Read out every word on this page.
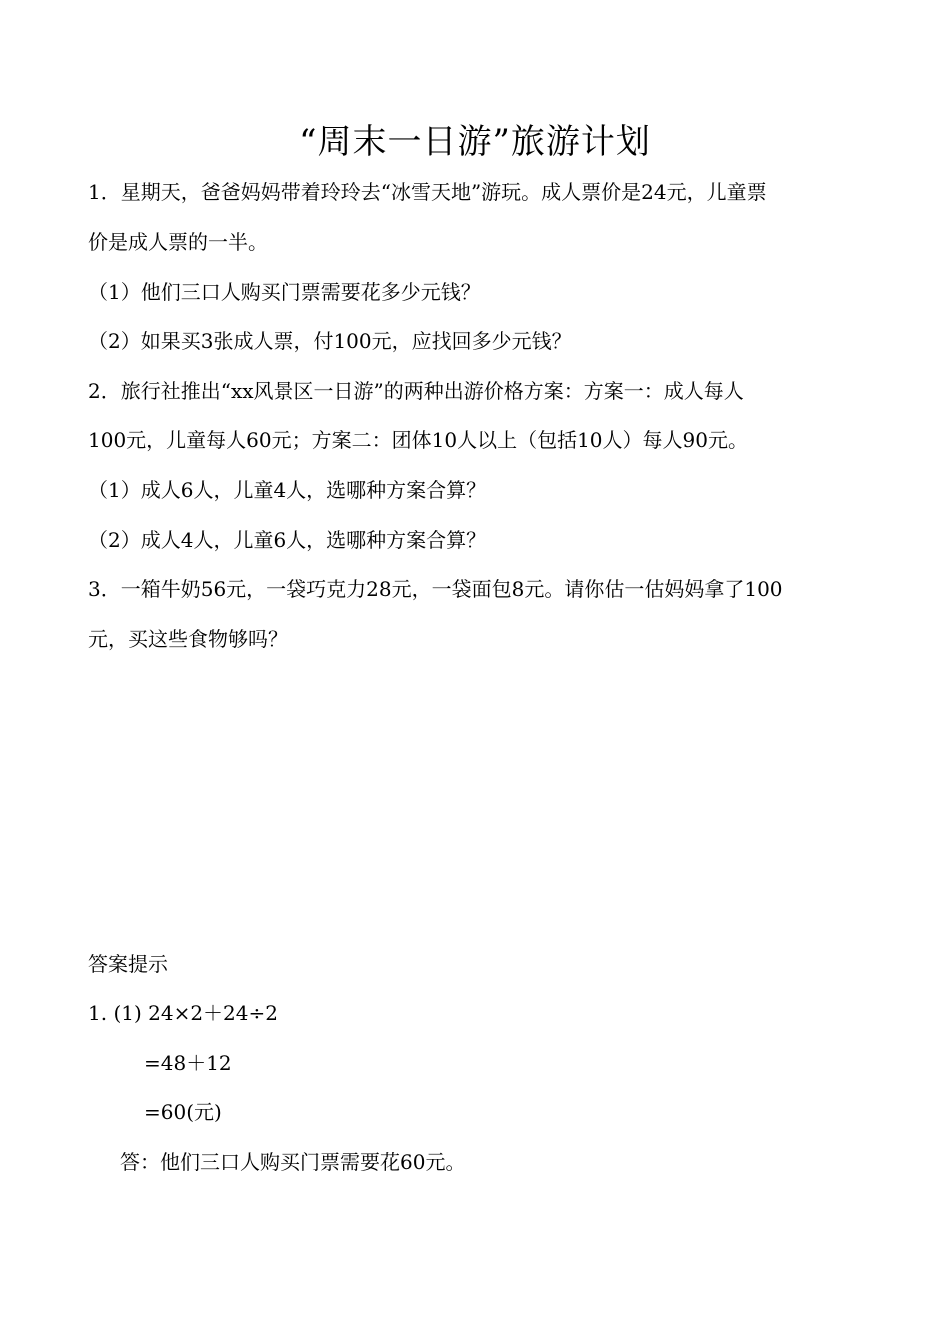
“周末一日游”旅游计划
1．星期天，爸爸妈妈带着玲玲去“冰雪天地”游玩。成人票价是24元，儿童票
价是成人票的一半。
（1）他们三口人购买门票需要花多少元钱？
（2）如果买3张成人票，付100元，应找回多少元钱？
2．旅行社推出“xx风景区一日游”的两种出游价格方案：方案一：成人每人
100元，儿童每人60元；方案二：团体10人以上（包括10人）每人90元。
（1）成人6人，儿童4人，选哪种方案合算？
（2）成人4人，儿童6人，选哪种方案合算？
3．一箱牛奶56元，一袋巧克力28元，一袋面包8元。请你估一估妈妈拿了100
元，买这些食物够吗？
答案提示
1. (1) 24×2＋24÷2
=48＋12
=60(元)
答：他们三口人购买门票需要花60元。
